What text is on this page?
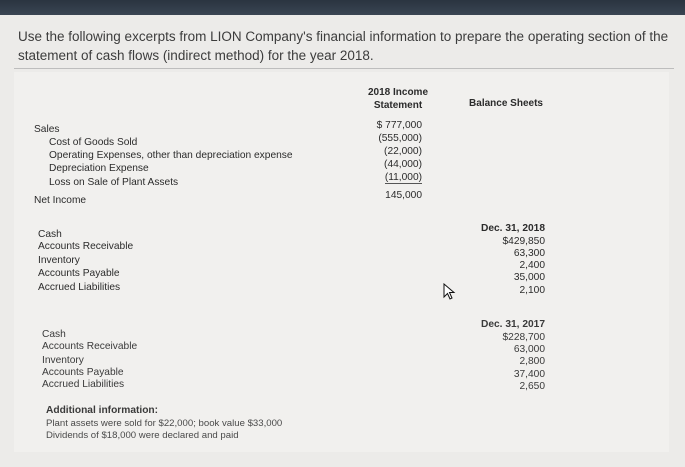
Use the following excerpts from LION Company's financial information to prepare the operating section of the statement of cash flows (indirect method) for the year 2018.
2018 Income
Statement	Balance Sheets
Sales
Cost of Goods Sold
Operating Expenses, other than depreciation expense
Depreciation Expense
Loss on Sale of Plant Assets
Net Income
$ 777,000
(555,000)
(22,000)
(44,000)
(11,000)
145,000
Cash
Accounts Receivable
Inventory
Accounts Payable
Accrued Liabilities
Dec. 31, 2018
$429,850
63,300
2,400
35,000
2,100
Cash
Accounts Receivable
Inventory
Accounts Payable
Accrued Liabilities
Dec. 31, 2017
$228,700
63,000
2,800
37,400
2,650
Additional information:
Plant assets were sold for $22,000; book value $33,000
Dividends of $18,000 were declared and paid
